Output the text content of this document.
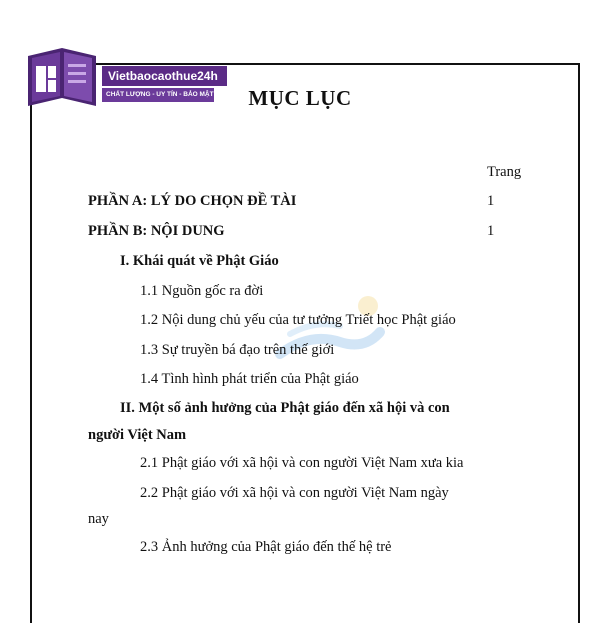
Vietbaocaothue24h
CHẤT LƯỢNG - UY TÍN - BẢO MẬT	MỤC LỤC
Trang
PHẦN A: LÝ DO CHỌN ĐỀ TÀI	1
PHẦN B: NỘI DUNG	1
I. Khái quát về Phật Giáo
1.1 Nguồn gốc ra đời
1.2 Nội dung chủ yếu của tư tưởng Triết học Phật giáo
1.3 Sự truyền bá đạo trên thế giới
1.4 Tình hình phát triển của Phật giáo
II. Một số ảnh hưởng của Phật giáo đến xã hội và con
người Việt Nam
2.1 Phật giáo với xã hội và con người Việt Nam xưa kia
2.2 Phật giáo với xã hội và con người Việt Nam ngày
nay
2.3 Ảnh hưởng của Phật giáo đến thế hệ trẻ
